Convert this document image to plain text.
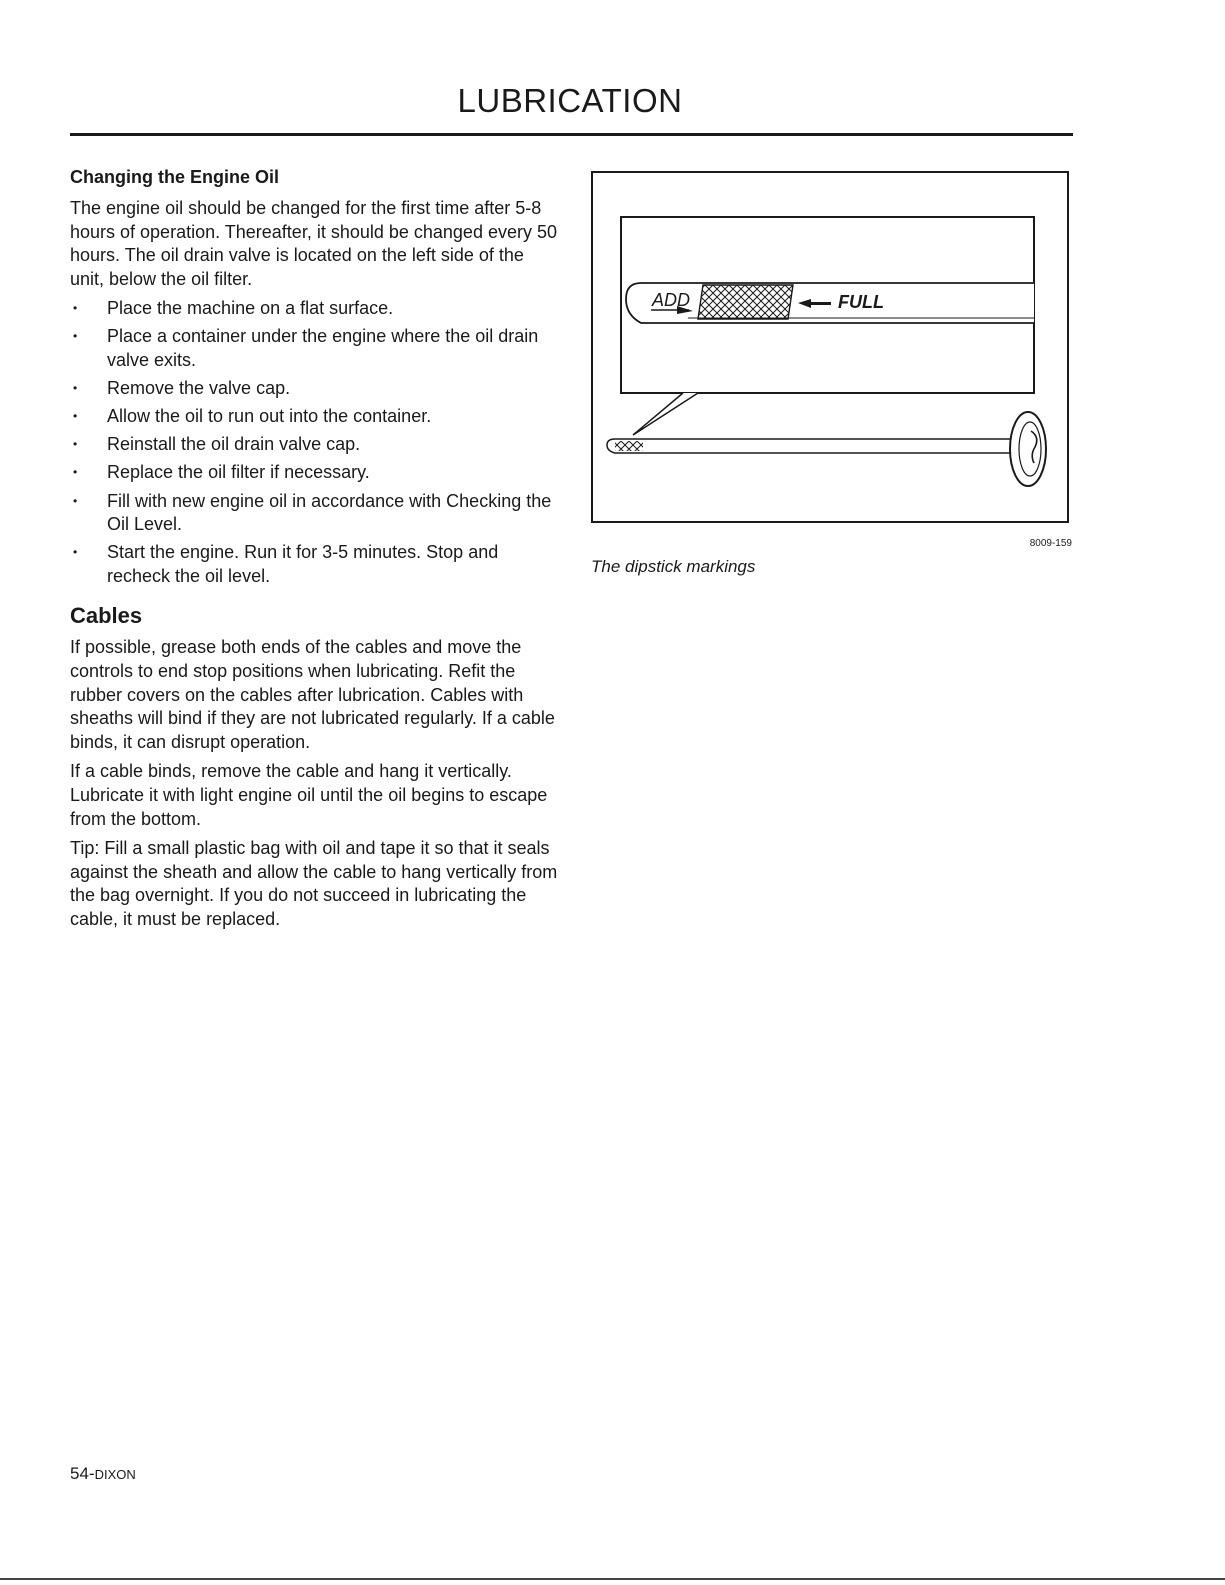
LUBRICATION
Changing the Engine Oil

The engine oil should be changed for the first time after 5-8 hours of operation. Thereafter, it should be changed every 50 hours. The oil drain valve is located on the left side of the unit, below the oil filter.

• Place the machine on a flat surface.
• Place a container under the engine where the oil drain valve exits.
• Remove the valve cap.
• Allow the oil to run out into the container.
• Reinstall the oil drain valve cap.
• Replace the oil filter if necessary.
• Fill with new engine oil in accordance with Checking the Oil Level.
• Start the engine. Run it for 3-5 minutes. Stop and recheck the oil level.
Cables

If possible, grease both ends of the cables and move the controls to end stop positions when lubricating. Refit the rubber covers on the cables after lubrication. Cables with sheaths will bind if they are not lubricated regularly. If a cable binds, it can disrupt operation.

If a cable binds, remove the cable and hang it vertically. Lubricate it with light engine oil until the oil begins to escape from the bottom.

Tip: Fill a small plastic bag with oil and tape it so that it seals against the sheath and allow the cable to hang vertically from the bag overnight. If you do not succeed in lubricating the cable, it must be replaced.

ADD	FULL
8009-159
The dipstick markings
54-DIXON
